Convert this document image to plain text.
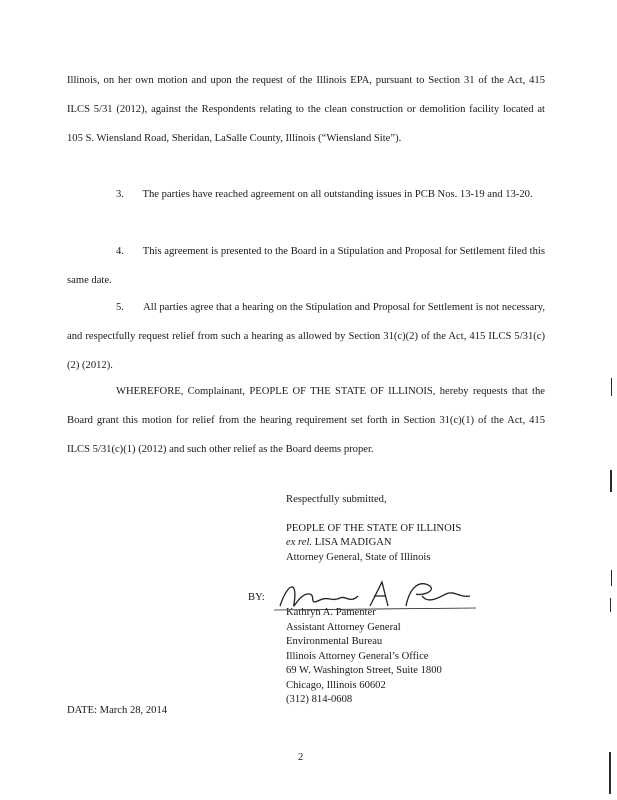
Illinois, on her own motion and upon the request of the Illinois EPA, pursuant to Section 31 of the Act, 415 ILCS 5/31 (2012), against the Respondents relating to the clean construction or demolition facility located at 105 S. Wiensland Road, Sheridan, LaSalle County, Illinois (“Wiensland Site”).
3.       The parties have reached agreement on all outstanding issues in PCB Nos. 13-19 and 13-20.
4.       This agreement is presented to the Board in a Stipulation and Proposal for Settlement filed this same date.
5.       All parties agree that a hearing on the Stipulation and Proposal for Settlement is not necessary, and respectfully request relief from such a hearing as allowed by Section 31(c)(2) of the Act, 415 ILCS 5/31(c)(2) (2012).
WHEREFORE, Complainant, PEOPLE OF THE STATE OF ILLINOIS, hereby requests that the Board grant this motion for relief from the hearing requirement set forth in Section 31(c)(1) of the Act, 415 ILCS 5/31(c)(1) (2012) and such other relief as the Board deems proper.
Respectfully submitted,
PEOPLE OF THE STATE OF ILLINOIS
ex rel. LISA MADIGAN
Attorney General, State of Illinois
BY:
Kathryn A. Pamenter
Assistant Attorney General
Environmental Bureau
Illinois Attorney General’s Office
69 W. Washington Street, Suite 1800
Chicago, Illinois 60602
(312) 814-0608
DATE: March 28, 2014
2
